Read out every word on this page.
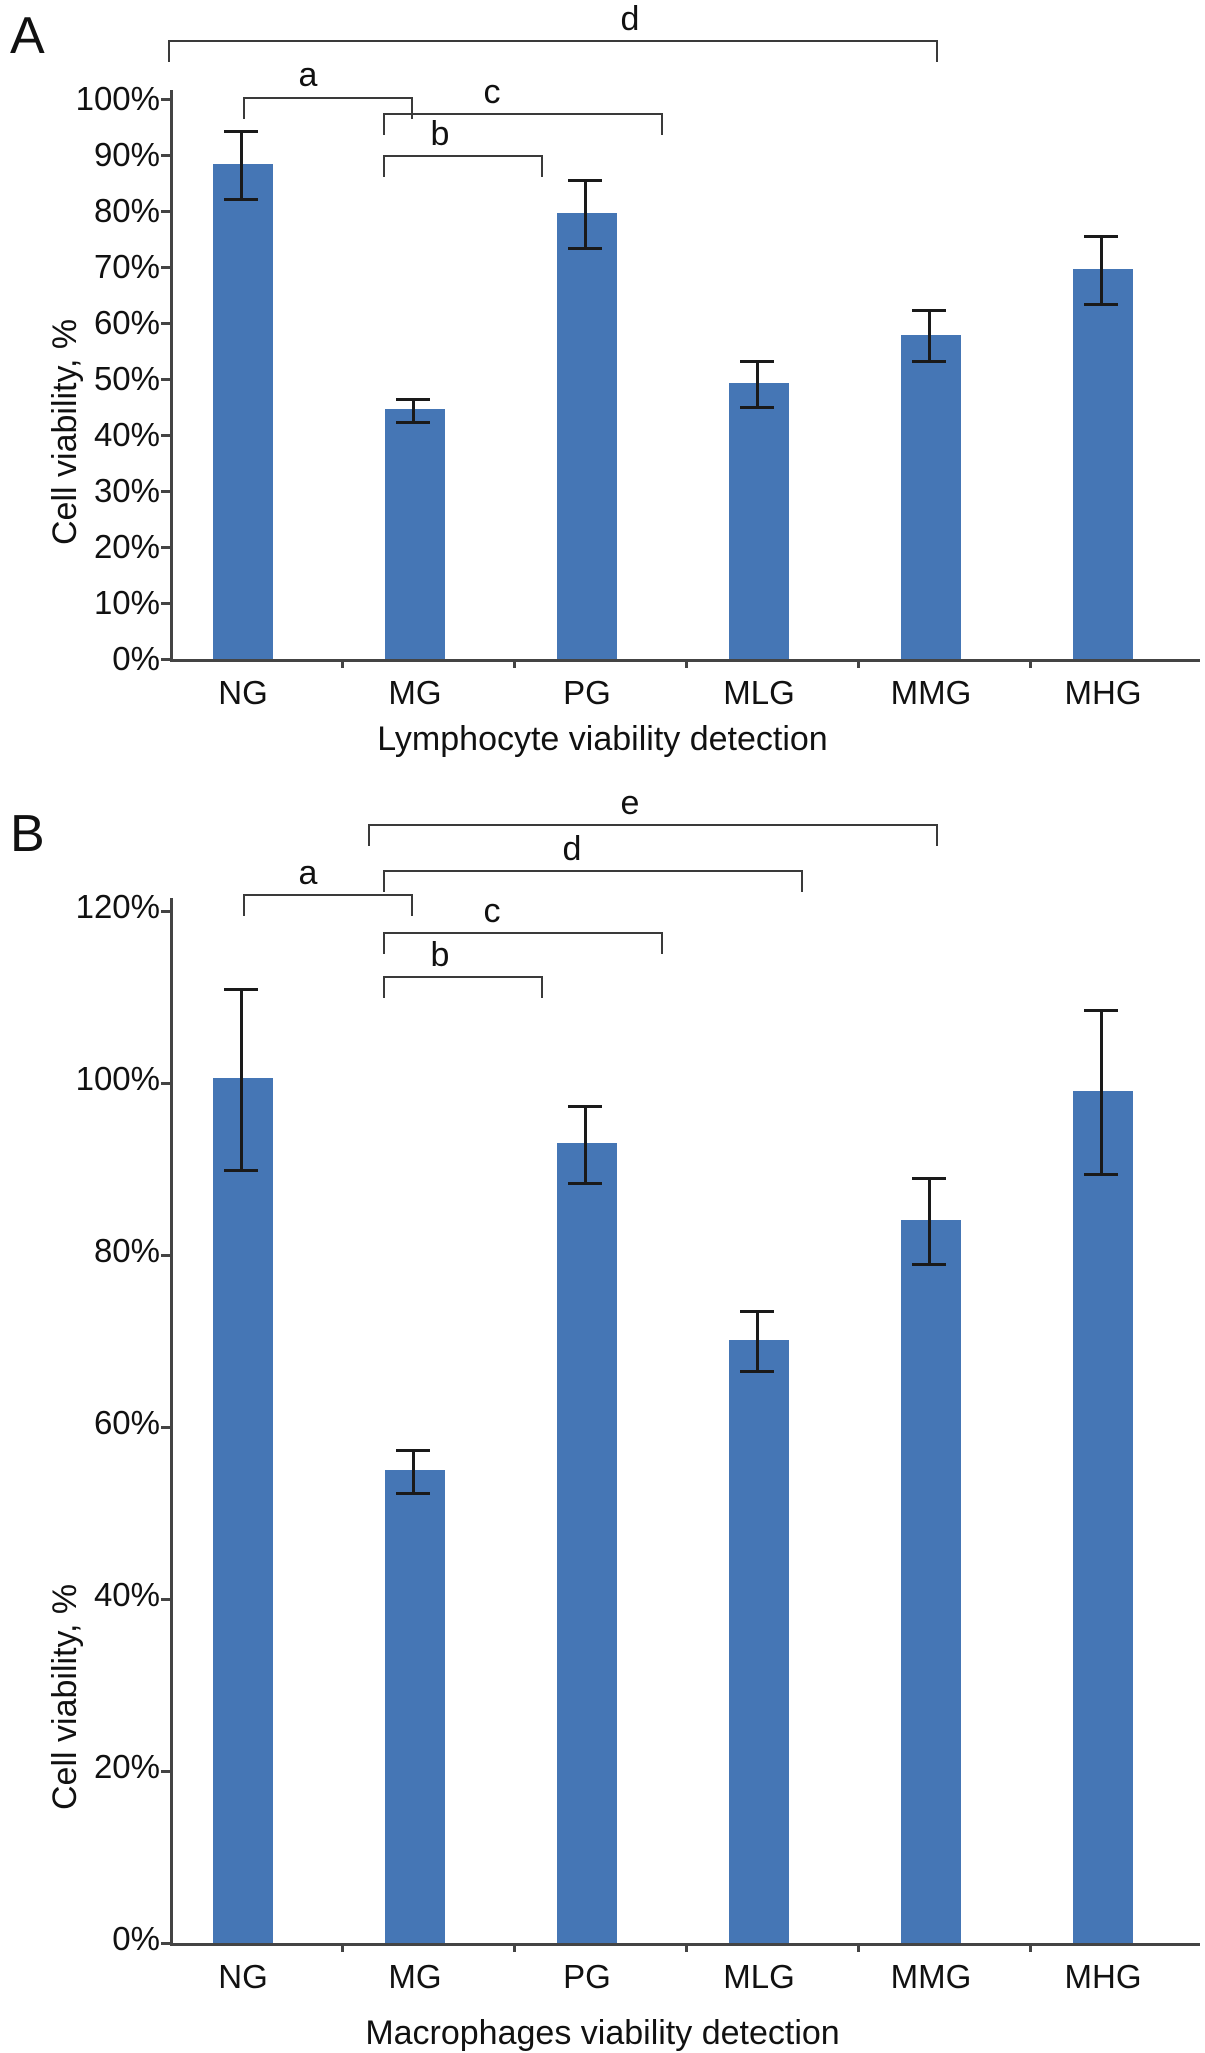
A
Cell viability, %
0%
10%
20%
30%
40%
50%
60%
70%
80%
90%
100%
a
b
c
d
NG	MG	PG	MLG	MMG	MHG
Lymphocyte viability detection
B
Cell viability, %
0%
20%
40%
60%
80%
100%
120%
a
b
c
d
e
NG	MG	PG	MLG	MMG	MHG
Macrophages viability detection
